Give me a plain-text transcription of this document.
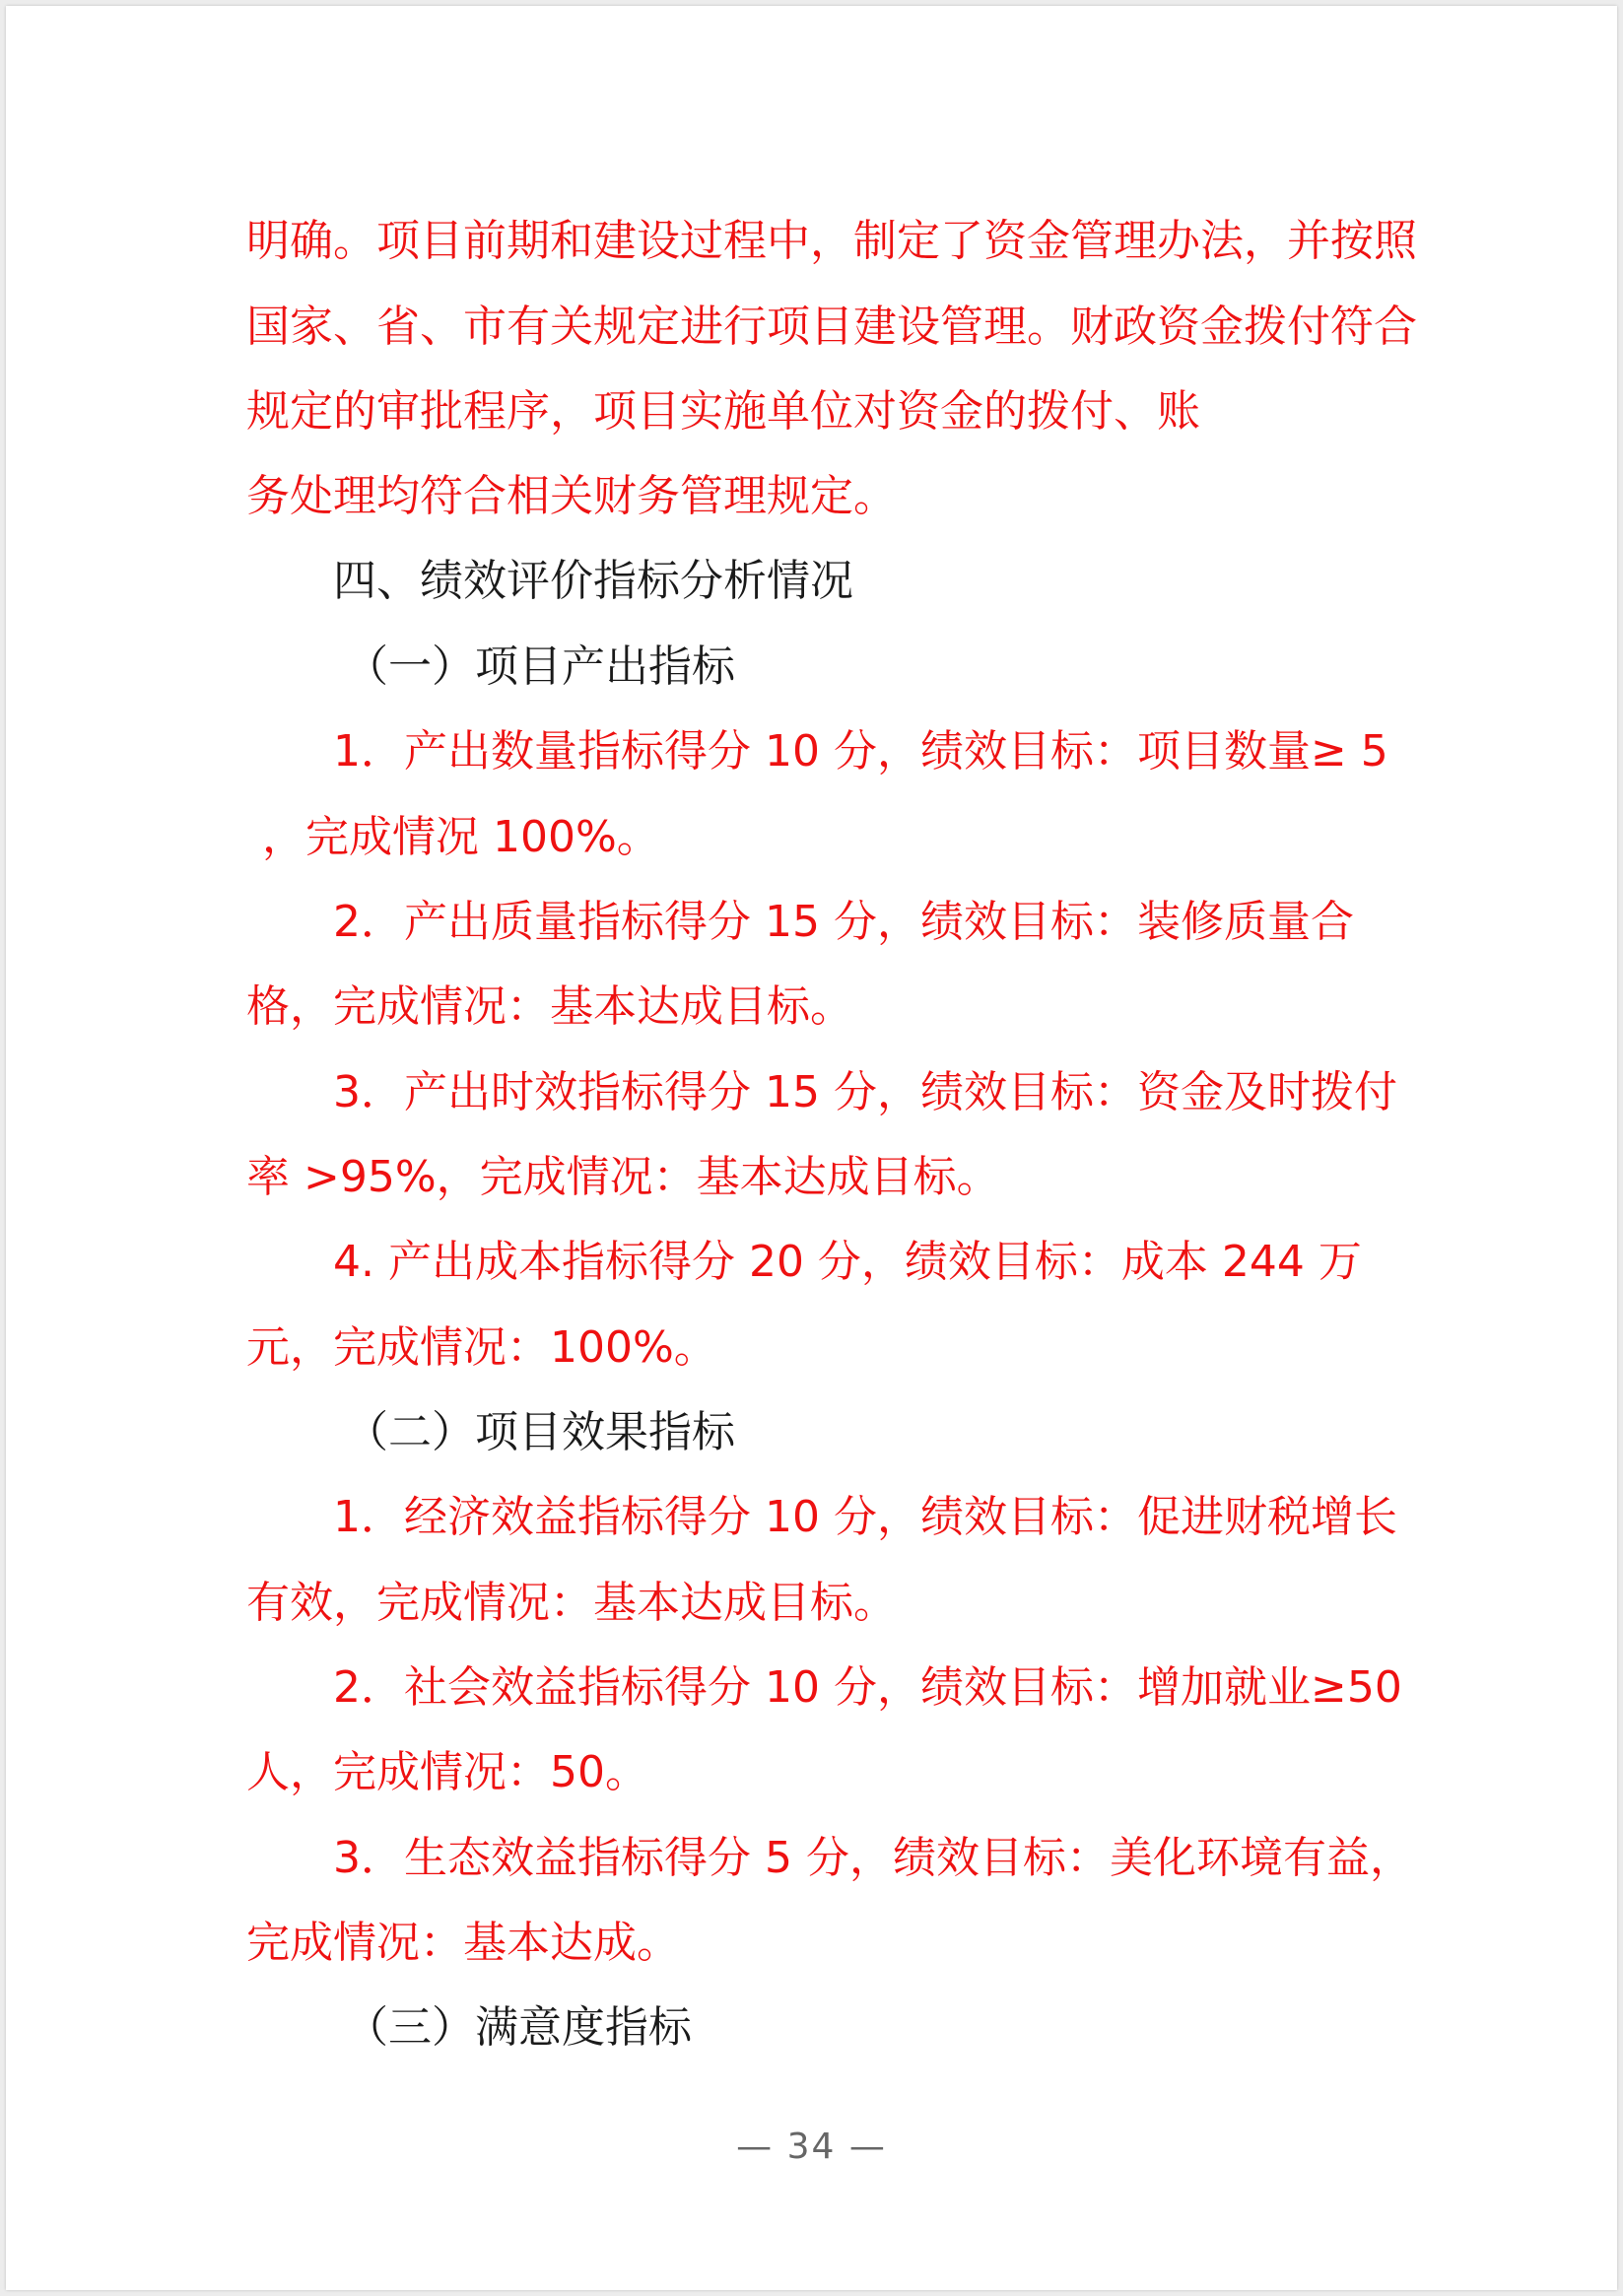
明确。项目前期和建设过程中，制定了资金管理办法，并按照
国家、省、市有关规定进行项目建设管理。财政资金拨付符合
规定的审批程序，项目实施单位对资金的拨付、账
务处理均符合相关财务管理规定。
四、绩效评价指标分析情况
（一）项目产出指标
1．产出数量指标得分 10 分，绩效目标：项目数量≥ 5
，完成情况 100%。
2．产出质量指标得分 15 分，绩效目标：装修质量合
格，完成情况：基本达成目标。
3．产出时效指标得分 15 分，绩效目标：资金及时拨付
率 >95%，完成情况：基本达成目标。
4. 产出成本指标得分 20 分，绩效目标：成本 244 万
元，完成情况：100%。
（二）项目效果指标
1．经济效益指标得分 10 分，绩效目标：促进财税增长
有效，完成情况：基本达成目标。
2．社会效益指标得分 10 分，绩效目标：增加就业≥50
人，完成情况：50。
3．生态效益指标得分 5 分，绩效目标：美化环境有益，
完成情况：基本达成。
（三）满意度指标
— 34 —
